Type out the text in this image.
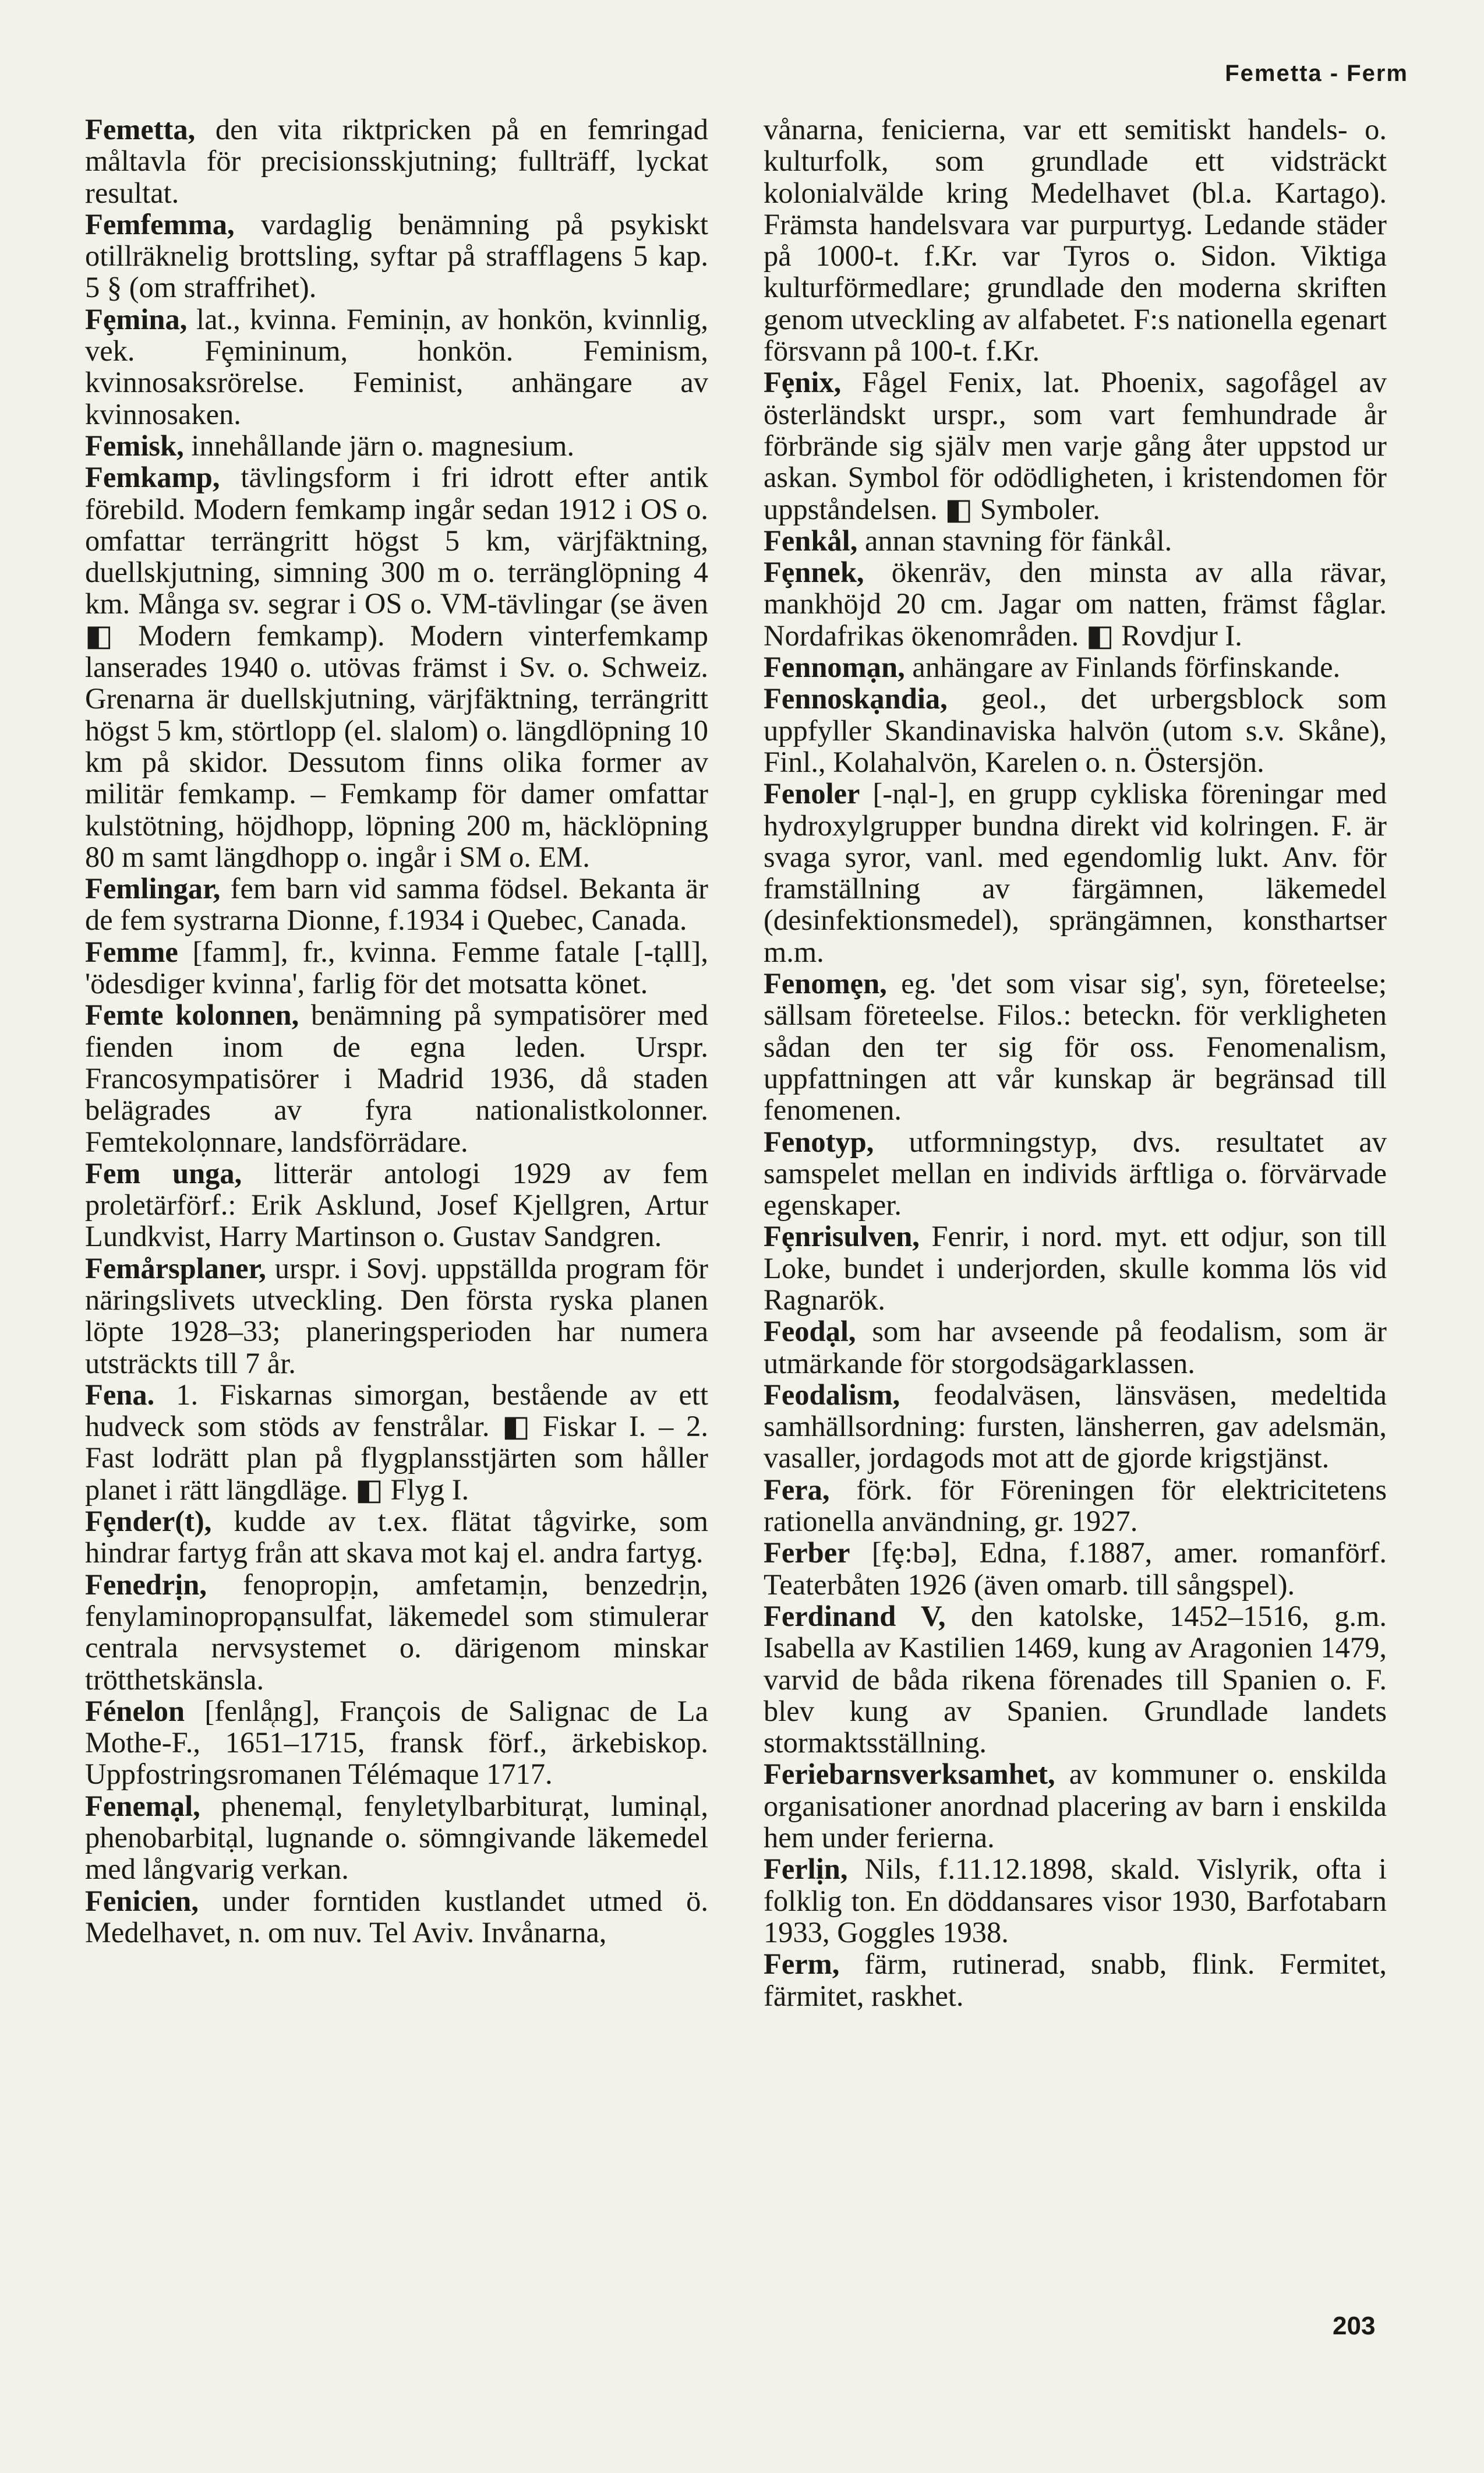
Femetta - Ferm

Femetta, den vita riktpricken på en femringad måltavla för precisionsskjutning; fullträff, lyckat resultat.

Femfemma, vardaglig benämning på psykiskt otillräknelig brottsling, syftar på strafflagens 5 kap. 5 § (om straffrihet).

Fȩmina, lat., kvinna. Feminịn, av honkön, kvinnlig, vek. Fȩmininum, honkön. Feminism, kvinnosaksrörelse. Feminist, anhängare av kvinnosaken.

Femisk, innehållande järn o. magnesium.

Femkamp, tävlingsform i fri idrott efter antik förebild. Modern femkamp ingår sedan 1912 i OS o. omfattar terrängritt högst 5 km, värjfäktning, duellskjutning, simning 300 m o. terränglöpning 4 km. Många sv. segrar i OS o. VM-tävlingar (se även ◧ Modern femkamp). Modern vinterfemkamp lanserades 1940 o. utövas främst i Sv. o. Schweiz. Grenarna är duellskjutning, värjfäktning, terrängritt högst 5 km, störtlopp (el. slalom) o. längdlöpning 10 km på skidor. Dessutom finns olika former av militär femkamp. – Femkamp för damer omfattar kulstötning, höjdhopp, löpning 200 m, häcklöpning 80 m samt längdhopp o. ingår i SM o. EM.

Femlingar, fem barn vid samma födsel. Bekanta är de fem systrarna Dionne, f.1934 i Quebec, Canada.

Femme [famm], fr., kvinna. Femme fatale [-tạll], 'ödesdiger kvinna', farlig för det motsatta könet.

Femte kolonnen, benämning på sympatisörer med fienden inom de egna leden. Urspr. Francosympatisörer i Madrid 1936, då staden belägrades av fyra nationalistkolonner. Femtekolọnnare, landsförrädare.

Fem unga, litterär antologi 1929 av fem proletärförf.: Erik Asklund, Josef Kjellgren, Artur Lundkvist, Harry Martinson o. Gustav Sandgren.

Femårsplaner, urspr. i Sovj. uppställda program för näringslivets utveckling. Den första ryska planen löpte 1928–33; planeringsperioden har numera utsträckts till 7 år.

Fena. 1. Fiskarnas simorgan, bestående av ett hudveck som stöds av fenstrålar. ◧ Fiskar I. – 2. Fast lodrätt plan på flygplansstjärten som håller planet i rätt längdläge. ◧ Flyg I.

Fȩnder(t), kudde av t.ex. flätat tågvirke, som hindrar fartyg från att skava mot kaj el. andra fartyg.

Fenedrịn, fenopropịn, amfetamịn, benzedrịn, fenylaminopropạnsulfat, läkemedel som stimulerar centrala nervsystemet o. därigenom minskar trötthetskänsla.

Fénelon [fenlå̜ng], François de Salignac de La Mothe-F., 1651–1715, fransk förf., ärkebiskop. Uppfostringsromanen Télémaque 1717.

Fenemạl, phenemạl, fenyletylbarbiturạt, luminạl, phenobarbitạl, lugnande o. sömngivande läkemedel med långvarig verkan.

Fenicien, under forntiden kustlandet utmed ö. Medelhavet, n. om nuv. Tel Aviv. Invånarna,

vånarna, fenicierna, var ett semitiskt handels- o. kulturfolk, som grundlade ett vidsträckt kolonialvälde kring Medelhavet (bl.a. Kartago). Främsta handelsvara var purpurtyg. Ledande städer på 1000-t. f.Kr. var Tyros o. Sidon. Viktiga kulturförmedlare; grundlade den moderna skriften genom utveckling av alfabetet. F:s nationella egenart försvann på 100-t. f.Kr.

Fȩnix, Fågel Fenix, lat. Phoenix, sagofågel av österländskt urspr., som vart femhundrade år förbrände sig själv men varje gång åter uppstod ur askan. Symbol för odödligheten, i kristendomen för uppståndelsen. ◧ Symboler.

Fenkål, annan stavning för fänkål.

Fȩnnek, ökenräv, den minsta av alla rävar, mankhöjd 20 cm. Jagar om natten, främst fåglar. Nordafrikas ökenområden. ◧ Rovdjur I.

Fennomạn, anhängare av Finlands förfinskande.

Fennoskạndia, geol., det urbergsblock som uppfyller Skandinaviska halvön (utom s.v. Skåne), Finl., Kolahalvön, Karelen o. n. Östersjön.

Fenoler [-nạl-], en grupp cykliska föreningar med hydroxylgrupper bundna direkt vid kolringen. F. är svaga syror, vanl. med egendomlig lukt. Anv. för framställning av färgämnen, läkemedel (desinfektionsmedel), sprängämnen, konsthartser m.m.

Fenomȩn, eg. 'det som visar sig', syn, företeelse; sällsam företeelse. Filos.: beteckn. för verkligheten sådan den ter sig för oss. Fenomenalism, uppfattningen att vår kunskap är begränsad till fenomenen.

Fenotyp, utformningstyp, dvs. resultatet av samspelet mellan en individs ärftliga o. förvärvade egenskaper.

Fȩnrisulven, Fenrir, i nord. myt. ett odjur, son till Loke, bundet i underjorden, skulle komma lös vid Ragnarök.

Feodạl, som har avseende på feodalism, som är utmärkande för storgodsägarklassen.

Feodalism, feodalväsen, länsväsen, medeltida samhällsordning: fursten, länsherren, gav adelsmän, vasaller, jordagods mot att de gjorde krigstjänst.

Fera, förk. för Föreningen för elektricitetens rationella användning, gr. 1927.

Ferber [fȩ:bə], Edna, f.1887, amer. romanförf. Teaterbåten 1926 (även omarb. till sångspel).

Ferdinand V, den katolske, 1452–1516, g.m. Isabella av Kastilien 1469, kung av Aragonien 1479, varvid de båda rikena förenades till Spanien o. F. blev kung av Spanien. Grundlade landets stormaktsställning.

Feriebarnsverksamhet, av kommuner o. enskilda organisationer anordnad placering av barn i enskilda hem under ferierna.

Ferlịn, Nils, f.11.12.1898, skald. Vislyrik, ofta i folklig ton. En döddansares visor 1930, Barfotabarn 1933, Goggles 1938.

Ferm, färm, rutinerad, snabb, flink. Fermitet, färmitet, raskhet.

203
